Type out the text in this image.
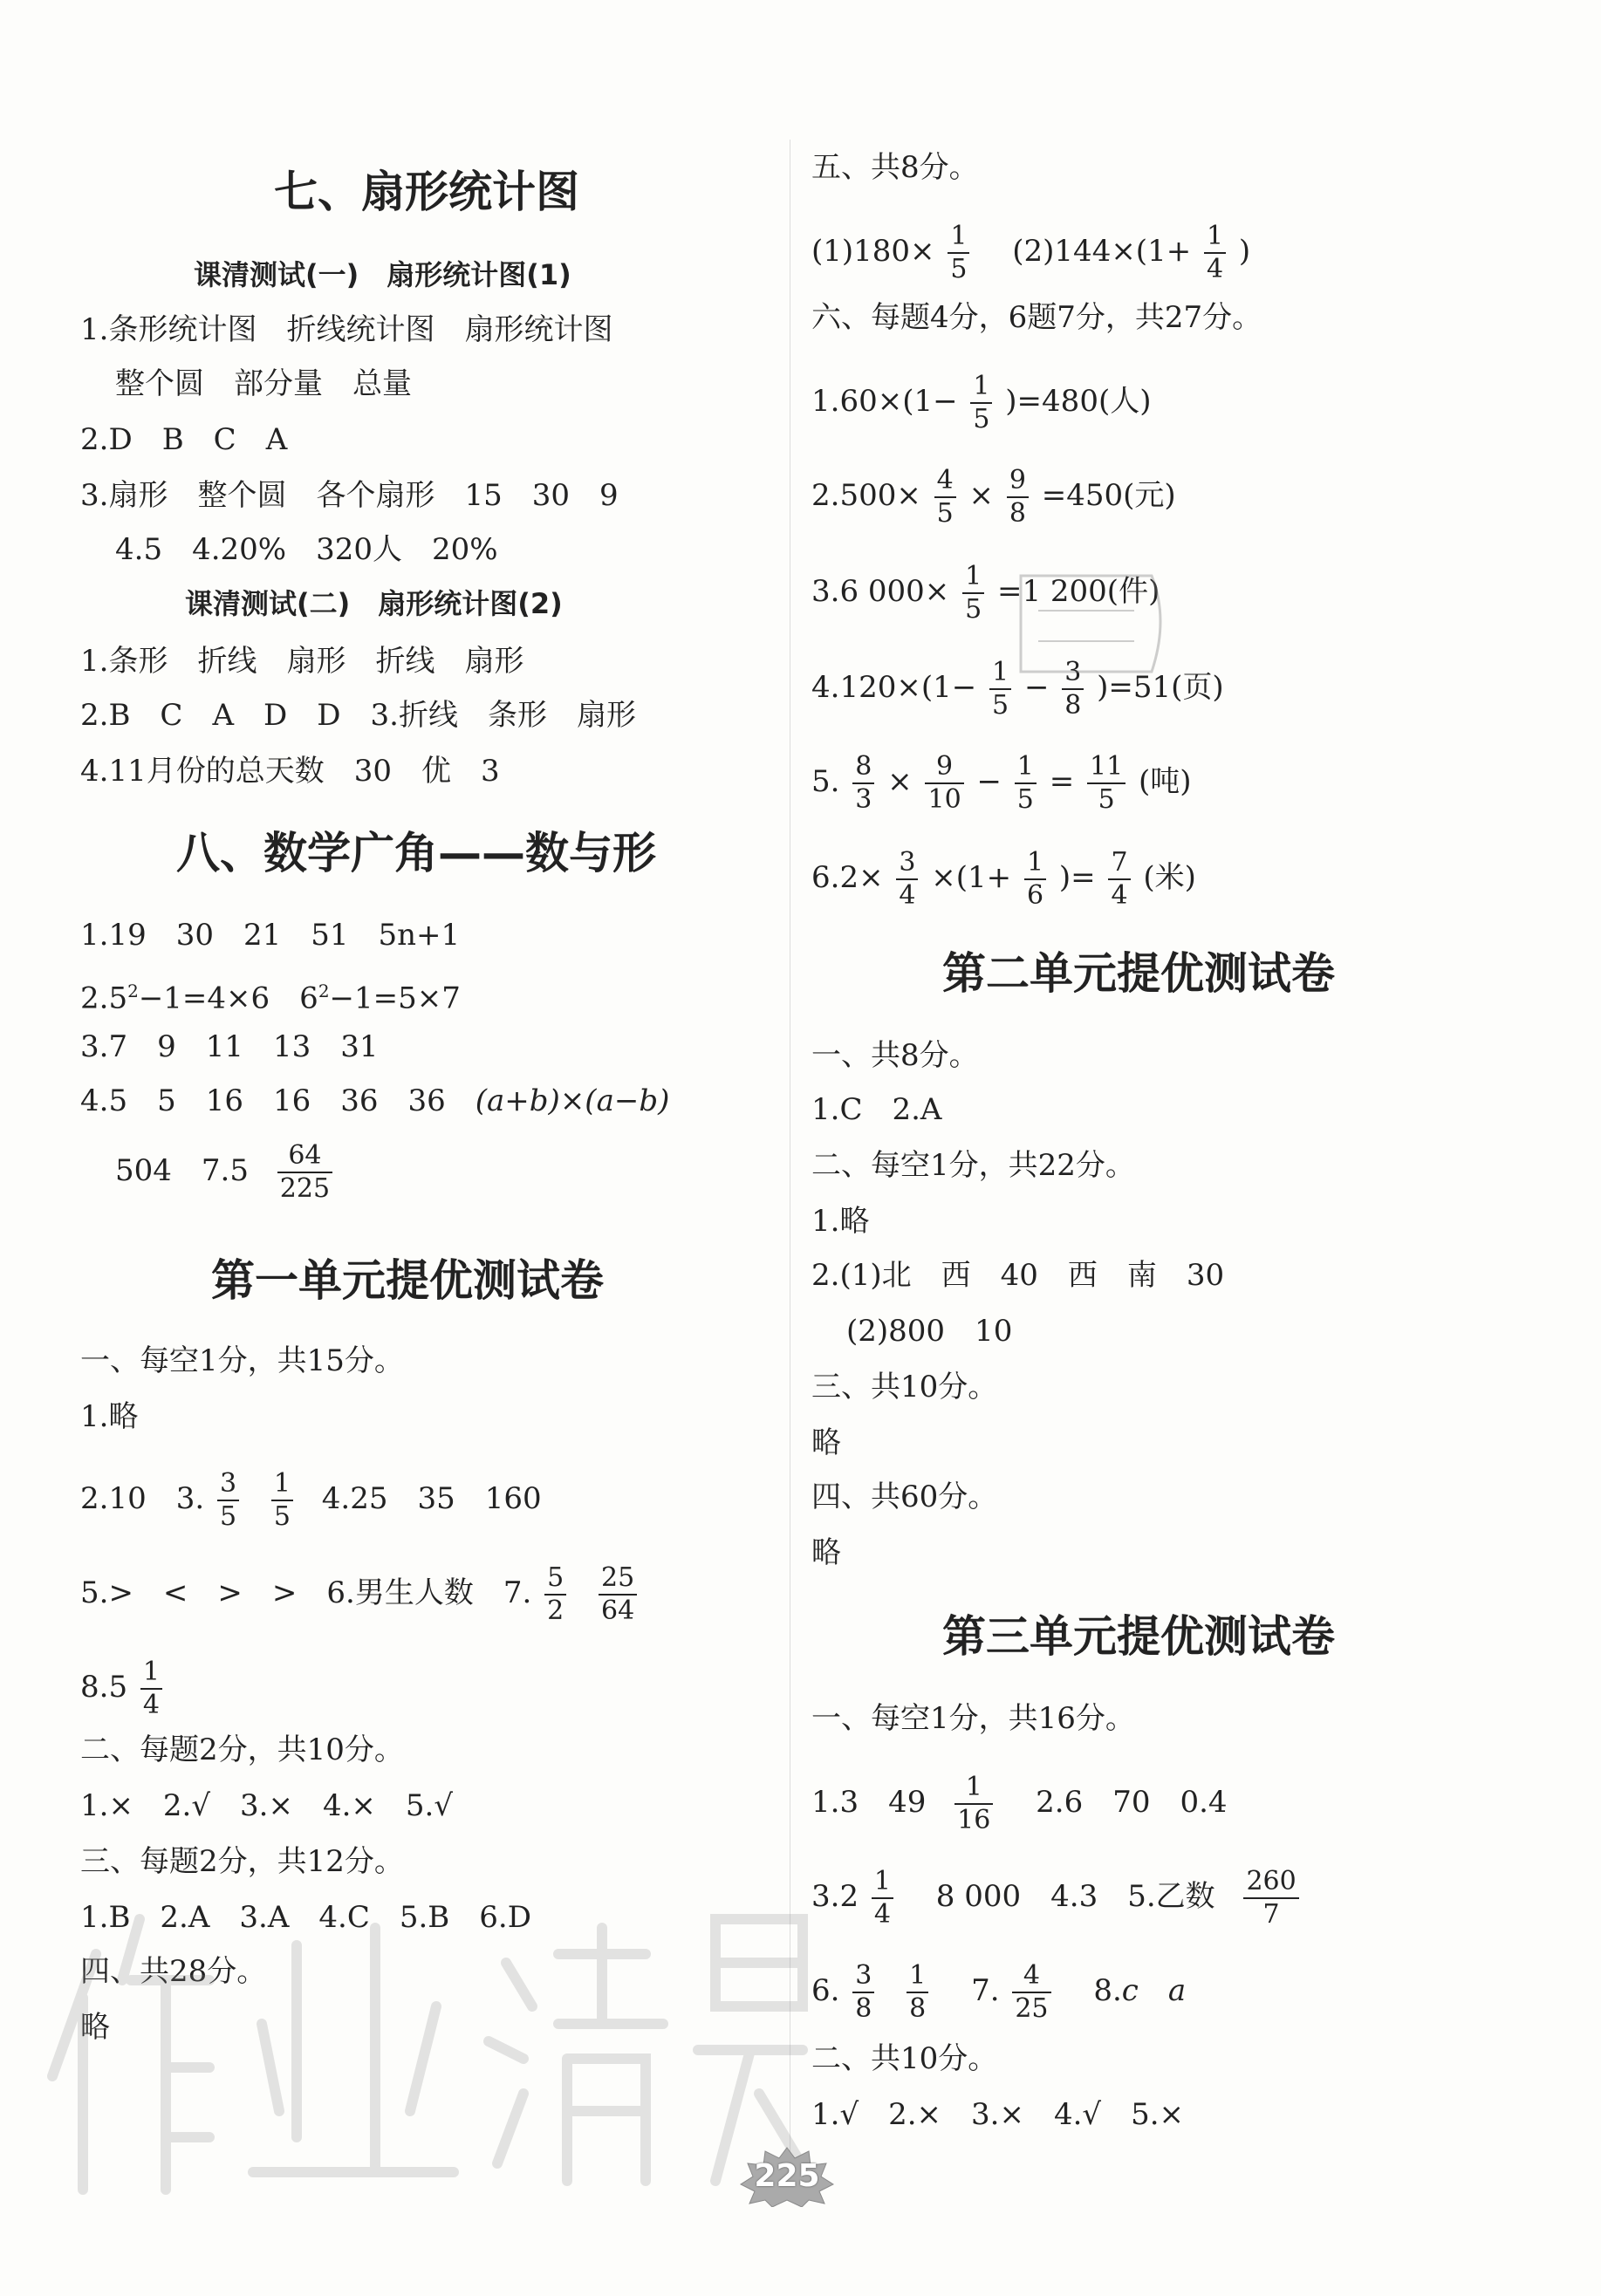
七、扇形统计图
课清测试(一)　扇形统计图(1)
1.条形统计图　折线统计图　扇形统计图
整个圆　部分量　总量
2.D　B　C　A
3.扇形　整个圆　各个扇形　15　30　9
4.5　4.20%　320人　20%
课清测试(二)　扇形统计图(2)
1.条形　折线　扇形　折线　扇形
2.B　C　A　D　D　3.折线　条形　扇形
4.11月份的总天数　30　优　3
八、数学广角——数与形
1.19　30　21　51　5n+1
$2.5^2-1=4\times 6$　$6^2-1=5\times 7$
3.7　9　11　13　31
4.5　5　16　16　36　36　(a+b)×(a−b)
504　$7.5 \frac{64}{225}$
第一单元提优测试卷
一、每空1分，共15分。
1.略
2.10　3. $\frac{3}{5}$
$\frac{1}{5} 4.25$　35　160
5.>　<　>　>　6.男生人数　7. $\frac{5}{2}$
$\frac{25}{64}$
$8.5 \frac{1}{4}$
二、每题2分，共10分。
1.×　2.√　3.×　4.×　5.√
三、每题2分，共12分。
1.B　2.A　3.A　4.C　5.B　6.D
四、共28分。
略
五、共8分。
$(1)180\times \frac{1}{5}$ 　$(2)144\times(1+ \frac{1}{4}$ )
六、每题4分，6题7分，共27分。
$1.60\times(1- \frac{1}{5} )=480$(人)
$2.500\times \frac{4}{5} \times \frac{9}{8} =450$(元)
3.6 $000\times \frac{1}{5} =1$ 200(件)
$4.120\times(1- \frac{1}{5} - \frac{3}{8} )=51$(页)
5. $\frac{8}{3} \times \frac{9}{10} - \frac{1}{5} = \frac{11}{5}$ (吨)
$6.2\times \frac{3}{4} \times(1+ \frac{1}{6}$ )= $\frac{7}{4}$ (米)
第二单元提优测试卷
一、共8分。
1.C　2.A
二、每空1分，共22分。
1.略
2.(1)北　西　40　西　南　30
(2)800　10
三、共10分。
略
四、共60分。
略
第三单元提优测试卷
一、每空1分，共16分。
1.3　$49 \frac{1}{16}$ 　2.6　70　0.4
$3.2 \frac{1}{4}$ 　8 000　4.3　5.乙数 $\frac{260}{7}$
6. $\frac{3}{8}$
$\frac{1}{8}$ 　7. $\frac{4}{25}$ 　8.c　a
二、共10分。
1.√　2.×　3.×　4.√　5.×
225
